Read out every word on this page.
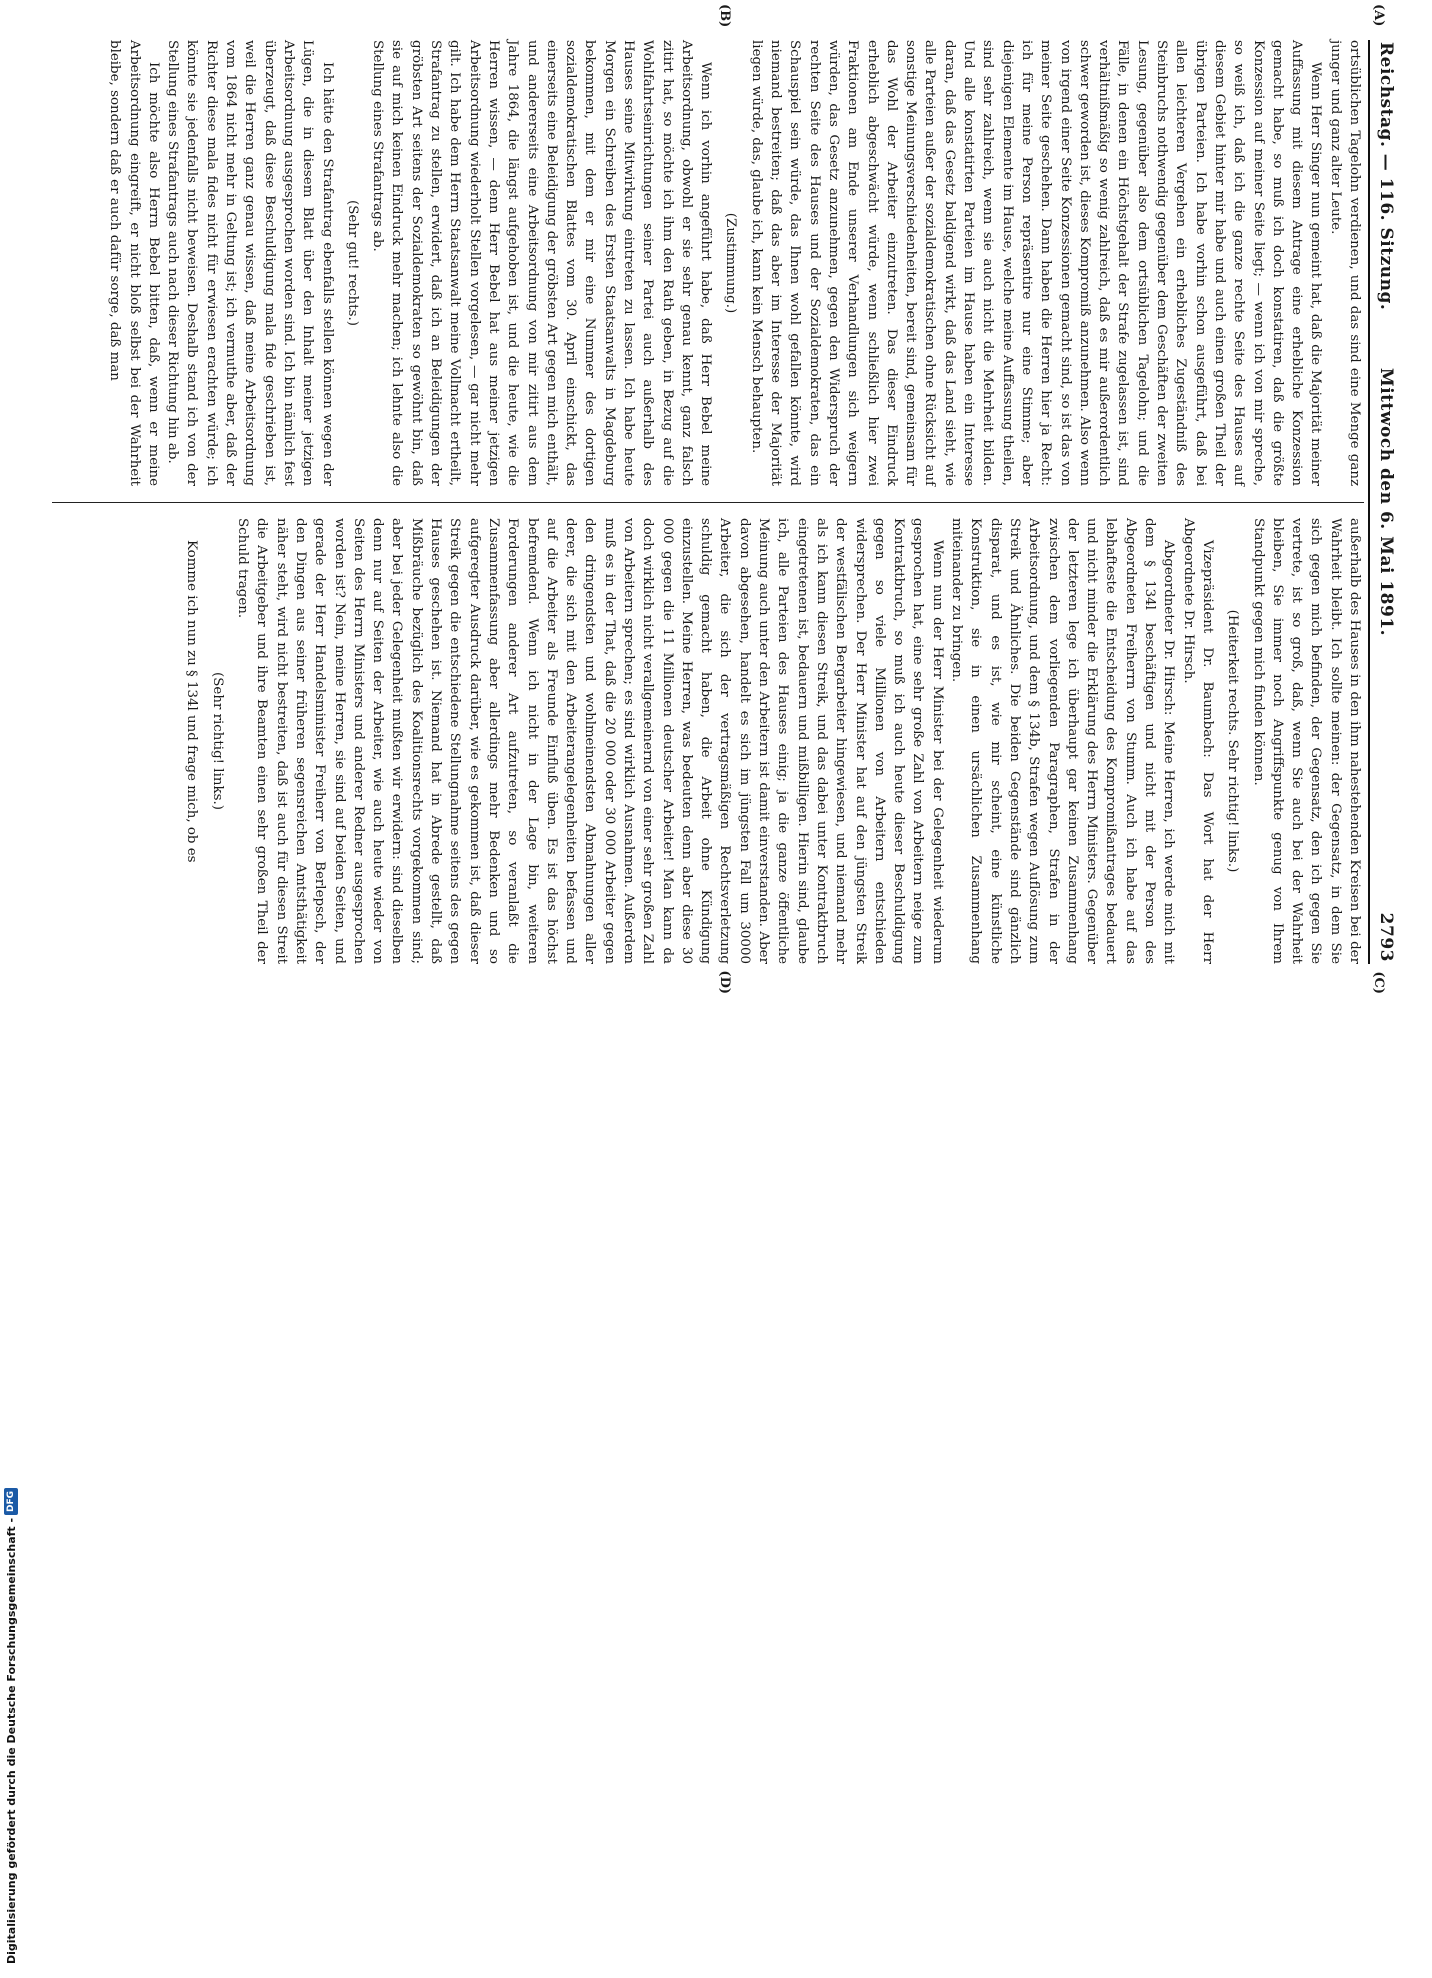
Reichstag. — 116. Sitzung.
Mittwoch den 6. Mai 1891.
2793
(A)
(C)
(B)
(D)

ortsüblichen Tagelohn verdienen, und das sind eine Menge ganz junger und ganz alter Leute.

Wenn Herr Singer nun gemeint hat, daß die Majorität meiner Auffassung mit diesem Antrage eine erhebliche Konzession gemacht habe, so muß ich doch konstatiren, daß die größte Konzession auf meiner Seite liegt; — wenn ich von mir spreche, so weiß ich, daß ich die ganze rechte Seite des Hauses auf diesem Gebiet hinter mir habe und auch einen großen Theil der übrigen Parteien. Ich habe vorhin schon ausgeführt, daß bei allen leichteren Vergehen ein erhebliches Zugeständniß des Steinbruchs nothwendig gegenüber dem Geschäften der zweiten Lesung, gegenüber also dem ortsüblichen Tagelohn; und die Fälle, in denen ein Höchstgehalt der Strafe zugelassen ist, sind verhältnißmäßig so wenig zahlreich, daß es mir außerordentlich schwer geworden ist, dieses Kompromiß anzunehmen. Also wenn von irgend einer Seite Konzessionen gemacht sind, so ist das von meiner Seite geschehen. Dann haben die Herren hier ja Recht: ich für meine Person repräsentire nur eine Stimme; aber diejenigen Elemente im Hause, welche meine Auffassung theilen, sind sehr zahlreich, wenn sie auch nicht die Mehrheit bilden. Und alle konstatirten Parteien im Hause haben ein Interesse daran, daß das Gesetz baldigend wirkt, daß das Land sieht, wie alle Parteien außer der sozialdemokratischen ohne Rücksicht auf sonstige Meinungsverschiedenheiten, bereit sind, gemeinsam für das Wohl der Arbeiter einzutreten. Das dieser Eindruck erheblich abgeschwächt würde, wenn schließlich hier zwei Fraktionen am Ende unserer Verhandlungen sich weigern würden, das Gesetz anzunehmen, gegen den Widerspruch der rechten Seite des Hauses und der Sozialdemokraten, das ein Schauspiel sein würde, das Ihnen wohl gefallen könnte, wird niemand bestreiten; daß das aber im Interesse der Majorität liegen würde, das, glaube ich, kann kein Mensch behaupten.

(Zustimmung.)

Wenn ich vorhin angeführt habe, daß Herr Bebel meine Arbeitsordnung, obwohl er sie sehr genau kennt, ganz falsch zitirt hat, so möchte ich ihm den Rath geben, in Bezug auf die Wohlfahrtseinrichtungen seiner Partei auch außerhalb des Hauses seine Mitwirkung eintreten zu lassen. Ich habe heute Morgen ein Schreiben des Ersten Staatsanwalts in Magdeburg bekommen, mit dem er mir eine Nummer des dortigen sozialdemokratischen Blattes vom 30. April einschickt, das einerseits eine Beleidigung der gröbsten Art gegen mich enthält, und andererseits eine Arbeitsordnung von mir zitirt aus dem Jahre 1864, die längst aufgehoben ist, und die heute, wie die Herren wissen, — denn Herr Bebel hat aus meiner jetzigen Arbeitsordnung wiederholt Stellen vorgelesen, — gar nicht mehr gilt. Ich habe dem Herrn Staatsanwalt meine Vollmacht ertheilt, Strafantrag zu stellen, erwidert, daß ich an Beleidigungen der gröbsten Art seitens der Sozialdemokraten so gewöhnt bin, daß sie auf mich keinen Eindruck mehr machen; ich lehnte also die Stellung eines Strafantrags ab.

(Sehr gut! rechts.)

Ich hätte den Strafantrag ebenfalls stellen können wegen der Lügen, die in diesem Blatt über den Inhalt meiner jetzigen Arbeitsordnung ausgesprochen worden sind. Ich bin nämlich fest überzeugt, daß diese Beschuldigung mala fide geschrieben ist, weil die Herren ganz genau wissen, daß meine Arbeitsordnung vom 1864 nicht mehr in Geltung ist; ich vermuthe aber, daß der Richter diese mala fides nicht für erwiesen erachten würde; ich könnte sie jedenfalls nicht beweisen. Deshalb stand ich von der Stellung eines Strafantrags auch nach dieser Richtung hin ab.

Ich möchte also Herrn Bebel bitten, daß, wenn er meine Arbeitsordnung eingreift, er nicht bloß selbst bei der Wahrheit bleibe, sondern daß er auch dafür sorge, daß man

außerhalb des Hauses in den ihm nahestehenden Kreisen bei der Wahrheit bleibt. Ich sollte meinen: der Gegensatz, in dem Sie sich gegen mich befinden, der Gegensatz, den ich gegen Sie vertrete, ist so groß, daß, wenn Sie auch bei der Wahrheit bleiben, Sie immer noch Angriffspunkte genug von Ihrem Standpunkt gegen mich finden können.

(Heiterkeit rechts. Sehr richtig! links.)

Vizepräsident Dr. Baumbach: Das Wort hat der Herr Abgeordnete Dr. Hirsch.

Abgeordneter Dr. Hirsch: Meine Herren, ich werde mich mit dem § 134l beschäftigen und nicht mit der Person des Abgeordneten Freiherrn von Stumm. Auch ich habe auf das lebhafteste die Entscheidung des Kompromißantrages bedauert und nicht minder die Erklärung des Herrn Ministers. Gegenüber der letzteren lege ich überhaupt gar keinen Zusammenhang zwischen dem vorliegenden Paragraphen, Strafen in der Arbeitsordnung, und dem § 134b, Strafen wegen Auflösung zum Streik und Ähnliches. Die beiden Gegenstände sind gänzlich disparat, und es ist, wie mir scheint, eine künstliche Konstruktion, sie in einen ursächlichen Zusammenhang miteinander zu bringen.

Wenn nun der Herr Minister bei der Gelegenheit wiederum gesprochen hat, eine sehr große Zahl von Arbeitern neige zum Kontraktbruch, so muß ich auch heute dieser Beschuldigung gegen so viele Millionen von Arbeitern entschieden widersprechen. Der Herr Minister hat auf den jüngsten Streik der westfälischen Bergarbeiter hingewiesen, und niemand mehr als ich kann diesen Streik, und das dabei unter Kontraktbruch eingetretenen ist, bedauern und mißbilligen. Hierin sind, glaube ich, alle Parteien des Hauses einig; ja die ganze öffentliche Meinung auch unter den Arbeitern ist damit einverstanden. Aber davon abgesehen, handelt es sich im jüngsten Fall um 30000 Arbeiter, die sich der vertragsmäßigen Rechtsverletzung schuldig gemacht haben, die Arbeit ohne Kündigung einzustellen. Meine Herren, was bedeuten denn aber diese 30 000 gegen die 11 Millionen deutscher Arbeiter! Man kann da doch wirklich nicht verallgemeinernd von einer sehr großen Zahl von Arbeitern sprechen; es sind wirklich Ausnahmen. Außerdem muß es in der That, daß die 20 000 oder 30 000 Arbeiter gegen den dringendsten und wohlmeinendsten Abmahnungen aller derer, die sich mit den Arbeiterangelegenheiten befassen und auf die Arbeiter als Freunde Einfluß üben. Es ist das höchst befremdend. Wenn ich nicht in der Lage bin, weiteren Forderungen anderer Art aufzutreten, so veranlaßt die Zusammenfassung aber allerdings mehr Bedenken und so aufgeregter Ausdruck darüber, wie es gekommen ist, daß dieser Streik gegen die entschiedene Stellungnahme seitens des gegen Hauses geschehen ist. Niemand hat in Abrede gestellt, daß Mißbräuche bezüglich des Koalitionsrechts vorgekommen sind; aber bei jeder Gelegenheit mußten wir erwidern: sind dieselben denn nur auf Seiten der Arbeiter, wie auch heute wieder von Seiten des Herrn Ministers und anderer Redner ausgesprochen worden ist? Nein, meine Herren, sie sind auf beiden Seiten, und gerade der Herr Handelsminister Freiherr von Berlepsch, der den Dingen aus seiner früheren segensreichen Amtsthätigkeit näher steht, wird nicht bestreiten, daß ist auch für diesen Streit die Arbeitgeber und ihre Beamten einen sehr großen Theil der Schuld tragen.

(Sehr richtig! links.)

Komme ich nun zu § 134l und frage mich, ob es

Digitalisierung gefördert durch die Deutsche Forschungsgemeinschaft -
DFG
